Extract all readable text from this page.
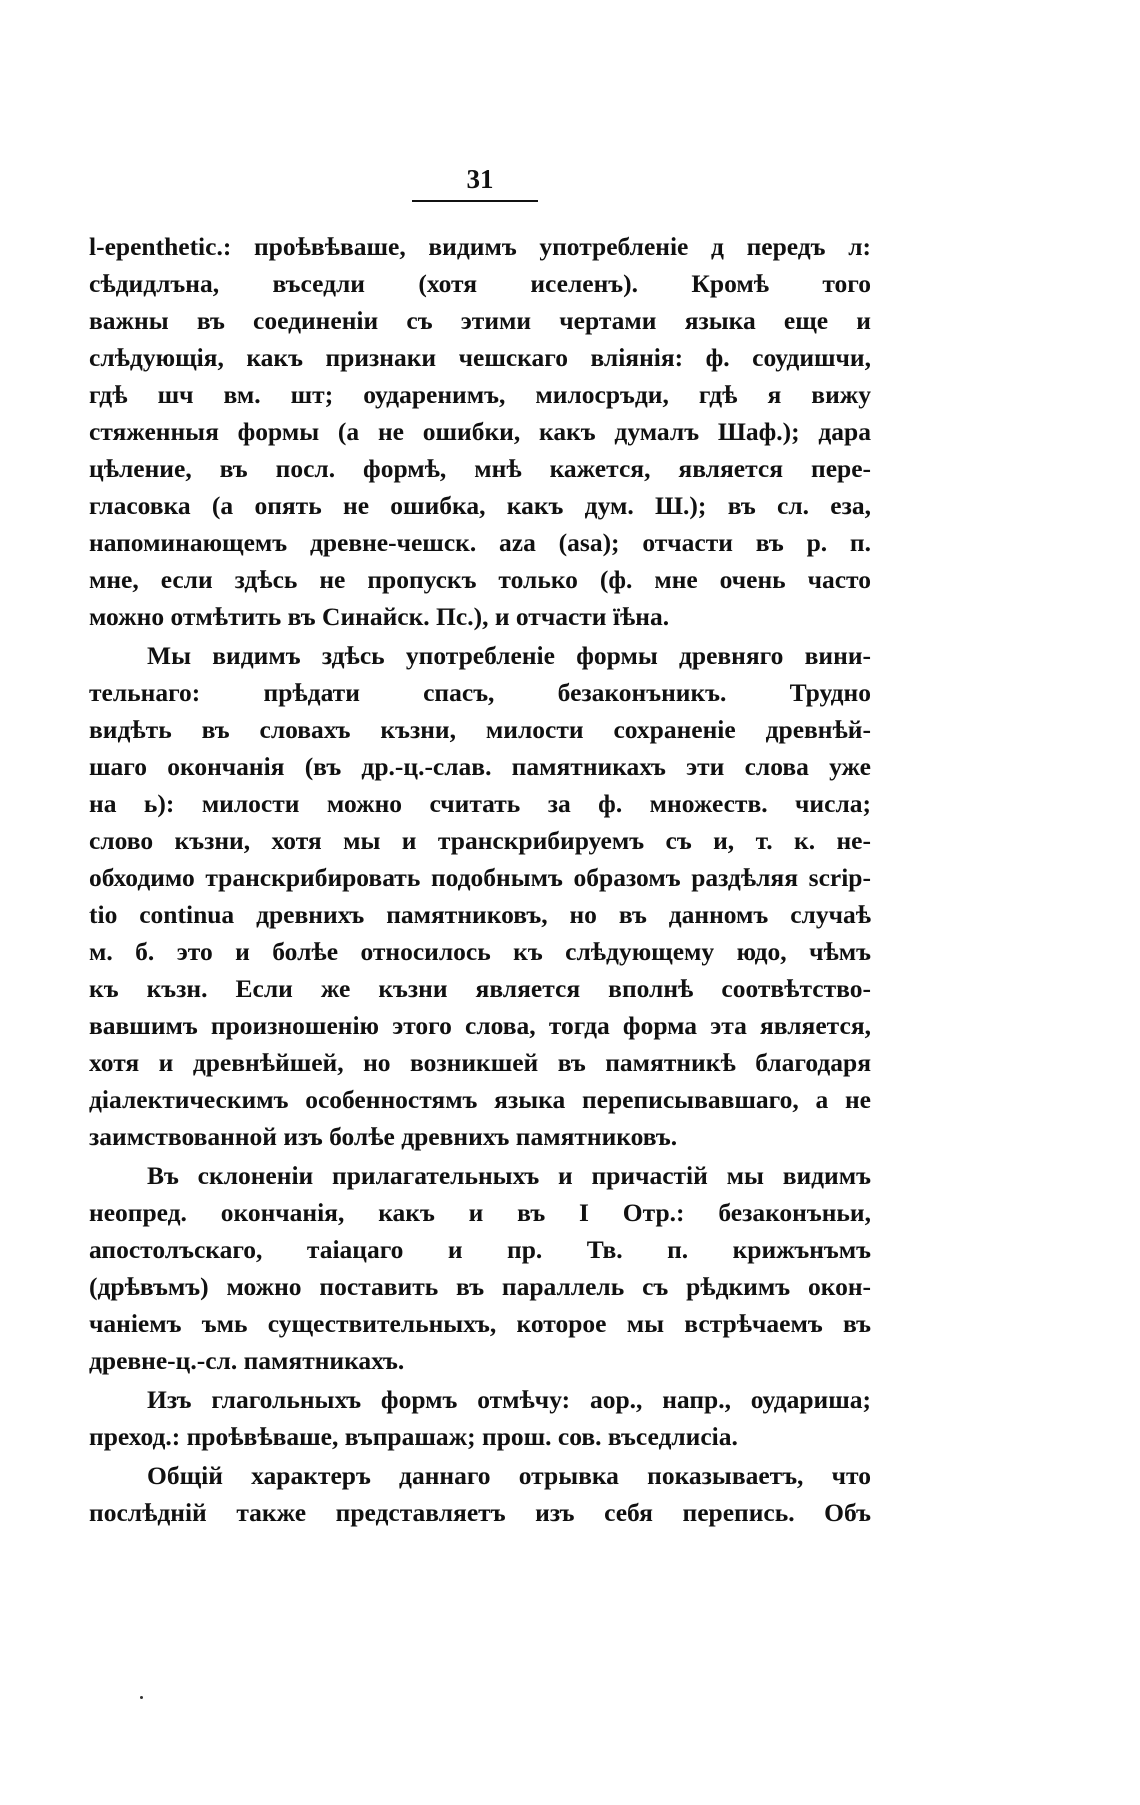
31
l-epenthetic.: проѣвѣваше, видимъ употребленіе д передъ л:
сѣдидлъна, въседли (хотя иселенъ). Кромѣ того
важны въ соединеніи съ этими чертами языка еще и
слѣдующія, какъ признаки чешскаго вліянія: ф. соудишчи,
гдѣ шч вм. шт; оударенимъ, милосръди, гдѣ я вижу
стяженныя формы (а не ошибки, какъ думалъ Шаф.); дара
цѣление, въ посл. формѣ, мнѣ кажется, является пере-
гласовка (а опять не ошибка, какъ дум. Ш.); въ сл. еза,
напоминающемъ древне-чешск. aza (asa); отчасти въ р. п.
мне, если здѣсь не пропускъ только (ф. мне очень часто
можно отмѣтить въ Синайск. Пс.), и отчасти їѣна.
Мы видимъ здѣсь употребленіе формы древняго вини-
тельнаго: прѣдати спасъ, безаконъникъ. Трудно
видѣть въ словахъ къзни, милости сохраненіе древнѣй-
шаго окончанія (въ др.-ц.-слав. памятникахъ эти слова уже
на ь): милости можно считать за ф. множеств. числа;
слово къзни, хотя мы и транскрибируемъ съ и, т. к. не-
обходимо транскрибировать подобнымъ образомъ раздѣляя scrip-
tio continua древнихъ памятниковъ, но въ данномъ случаѣ
м. б. это и болѣе относилось къ слѣдующему юдо, чѣмъ
къ къзн. Если же къзни является вполнѣ соотвѣтство-
вавшимъ произношенію этого слова, тогда форма эта является,
хотя и древнѣйшей, но возникшей въ памятникѣ благодаря
діалектическимъ особенностямъ языка переписывавшаго, а не
заимствованной изъ болѣе древнихъ памятниковъ.
Въ склоненіи прилагательныхъ и причастій мы видимъ
неопред. окончанія, какъ и въ I Отр.: безаконъньи,
апостолъскаго, таіацаго и пр. Тв. п. крижънъмъ
(дрѣвъмъ) можно поставить въ параллель съ рѣдкимъ окон-
чаніемъ ъмь существительныхъ, которое мы встрѣчаемъ въ
древне-ц.-сл. памятникахъ.
Изъ глагольныхъ формъ отмѣчу: аор., напр., оудариша;
преход.: проѣвѣваше, въпрашаж; прош. сов. въседлисіа.
Общій характеръ даннаго отрывка показываетъ, что
послѣдній также представляетъ изъ себя перепись. Объ
